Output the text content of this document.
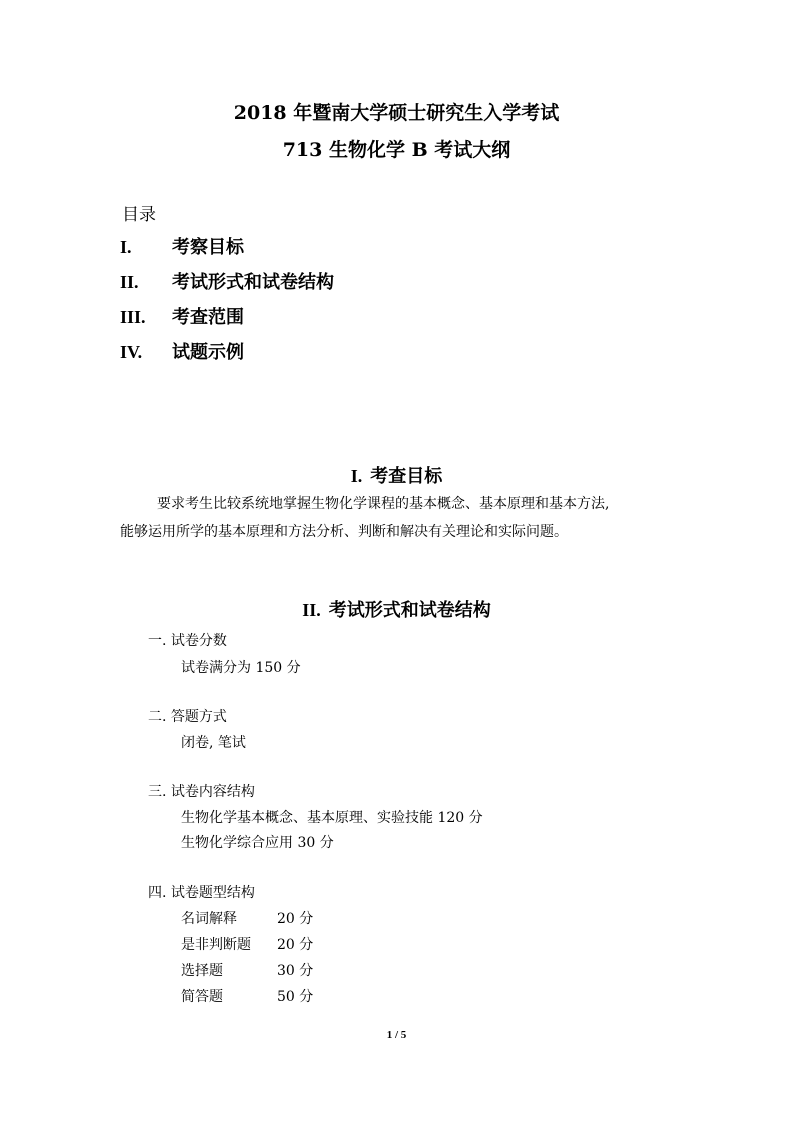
2018 年暨南大学硕士研究生入学考试
713 生物化学 B 考试大纲
目录
I. 考察目标
II. 考试形式和试卷结构
III. 考查范围
IV. 试题示例
I. 考查目标
要求考生比较系统地掌握生物化学课程的基本概念、基本原理和基本方法,
能够运用所学的基本原理和方法分析、判断和解决有关理论和实际问题。
II. 考试形式和试卷结构
一. 试卷分数
试卷满分为 150 分
二. 答题方式
闭卷, 笔试
三. 试卷内容结构
生物化学基本概念、基本原理、实验技能 120 分
生物化学综合应用 30 分
四. 试卷题型结构
名词解释	20 分
是非判断题 20 分
选择题	30 分
简答题	50 分
1 / 5
